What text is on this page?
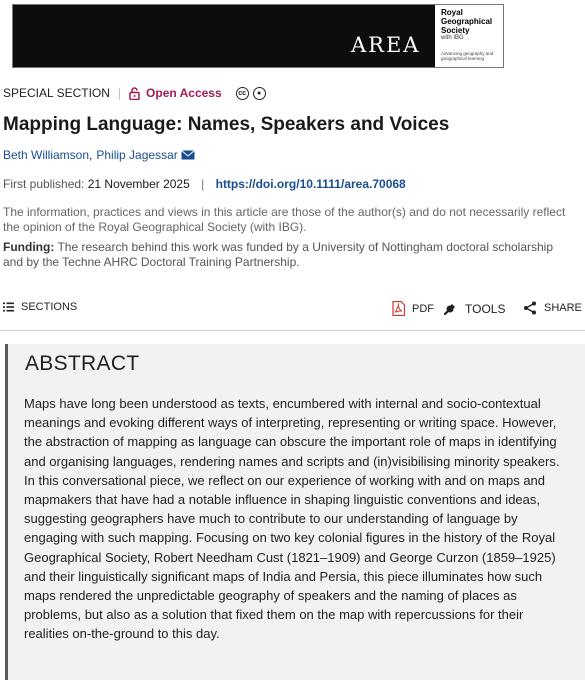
AREA
Royal Geographical Society
with IBG
Advancing geography and geographical learning
SPECIAL SECTION | Open Access	cc	●
Mapping Language: Names, Speakers and Voices
Beth Williamson , Philip Jagessar
First published: 21 November 2025 | https://doi.org/10.1111/area.70068

The information, practices and views in this article are those of the author(s) and do not necessarily reflect the opinion of the Royal Geographical Society (with IBG).

Funding: The research behind this work was funded by a University of Nottingham doctoral scholarship and by the Techne AHRC Doctoral Training Partnership.

SECTIONS	PDF	TOOLS	SHARE
ABSTRACT

Maps have long been understood as texts, encumbered with internal and socio-contextual meanings and evoking different ways of interpreting, representing or writing space. However, the abstraction of mapping as language can obscure the important role of maps in identifying and organising languages, rendering names and scripts and (in)visibilising minority speakers. In this conversational piece, we reflect on our experience of working with and on maps and mapmakers that have had a notable influence in shaping linguistic conventions and ideas, suggesting geographers have much to contribute to our understanding of language by engaging with such mapping. Focusing on two key colonial figures in the history of the Royal Geographical Society, Robert Needham Cust (1821–1909) and George Curzon (1859–1925) and their linguistically significant maps of India and Persia, this piece illuminates how such maps rendered the unpredictable geography of speakers and the naming of places as problems, but also as a solution that fixed them on the map with repercussions for their realities on-the-ground to this day.
